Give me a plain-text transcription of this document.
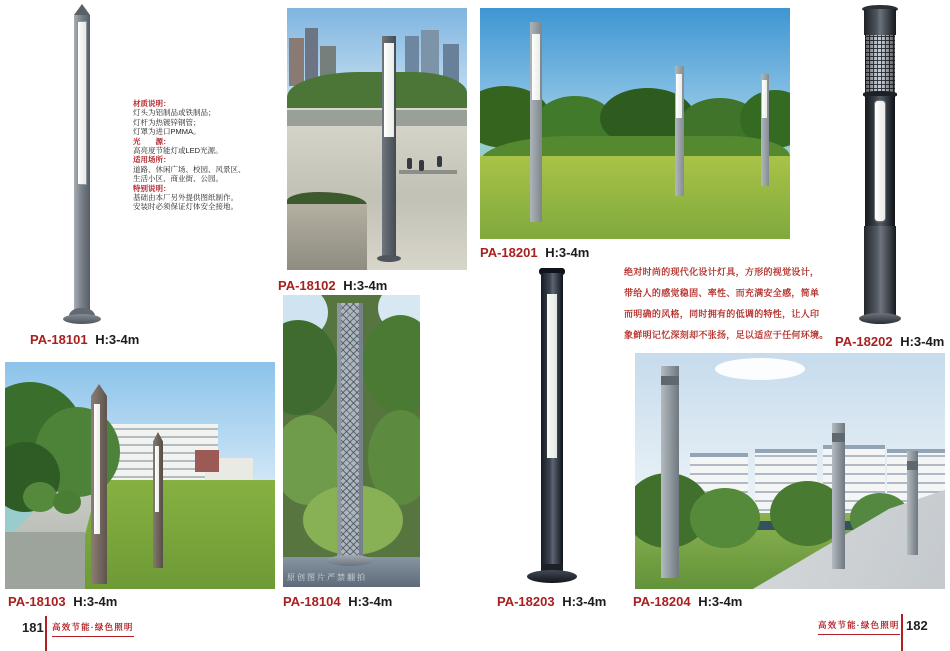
PA-18101 H:3-4m
材质说明：
灯头为铝制品或铁制品；
灯杆为热镀锌钢管；
灯罩为进口PMMA。
光　　源：
高亮度节能灯或LED光源。
适用场所：
道路、休闲广场、校园、风景区、
生活小区、商业街、公园。
特别说明：
基础由本厂另外提供图纸制作。
安装时必须保证灯体安全接地。
PA-18102 H:3-4m
PA-18201 H:3-4m
PA-18202 H:3-4m
绝对时尚的现代化设计灯具，方形的视觉设计，
带给人的感觉稳固、率性、而充满安全感，简单
而明确的风格，同时拥有的低调的特性，让人印
象鲜明记忆深刻却不张扬，足以适应于任何环境。
PA-18103 H:3-4m
原创图片严禁翻拍
PA-18104 H:3-4m	PA-18203 H:3-4m PA-18204 H:3-4m
181 高效节能·绿色照明	高效节能·绿色照明 182
